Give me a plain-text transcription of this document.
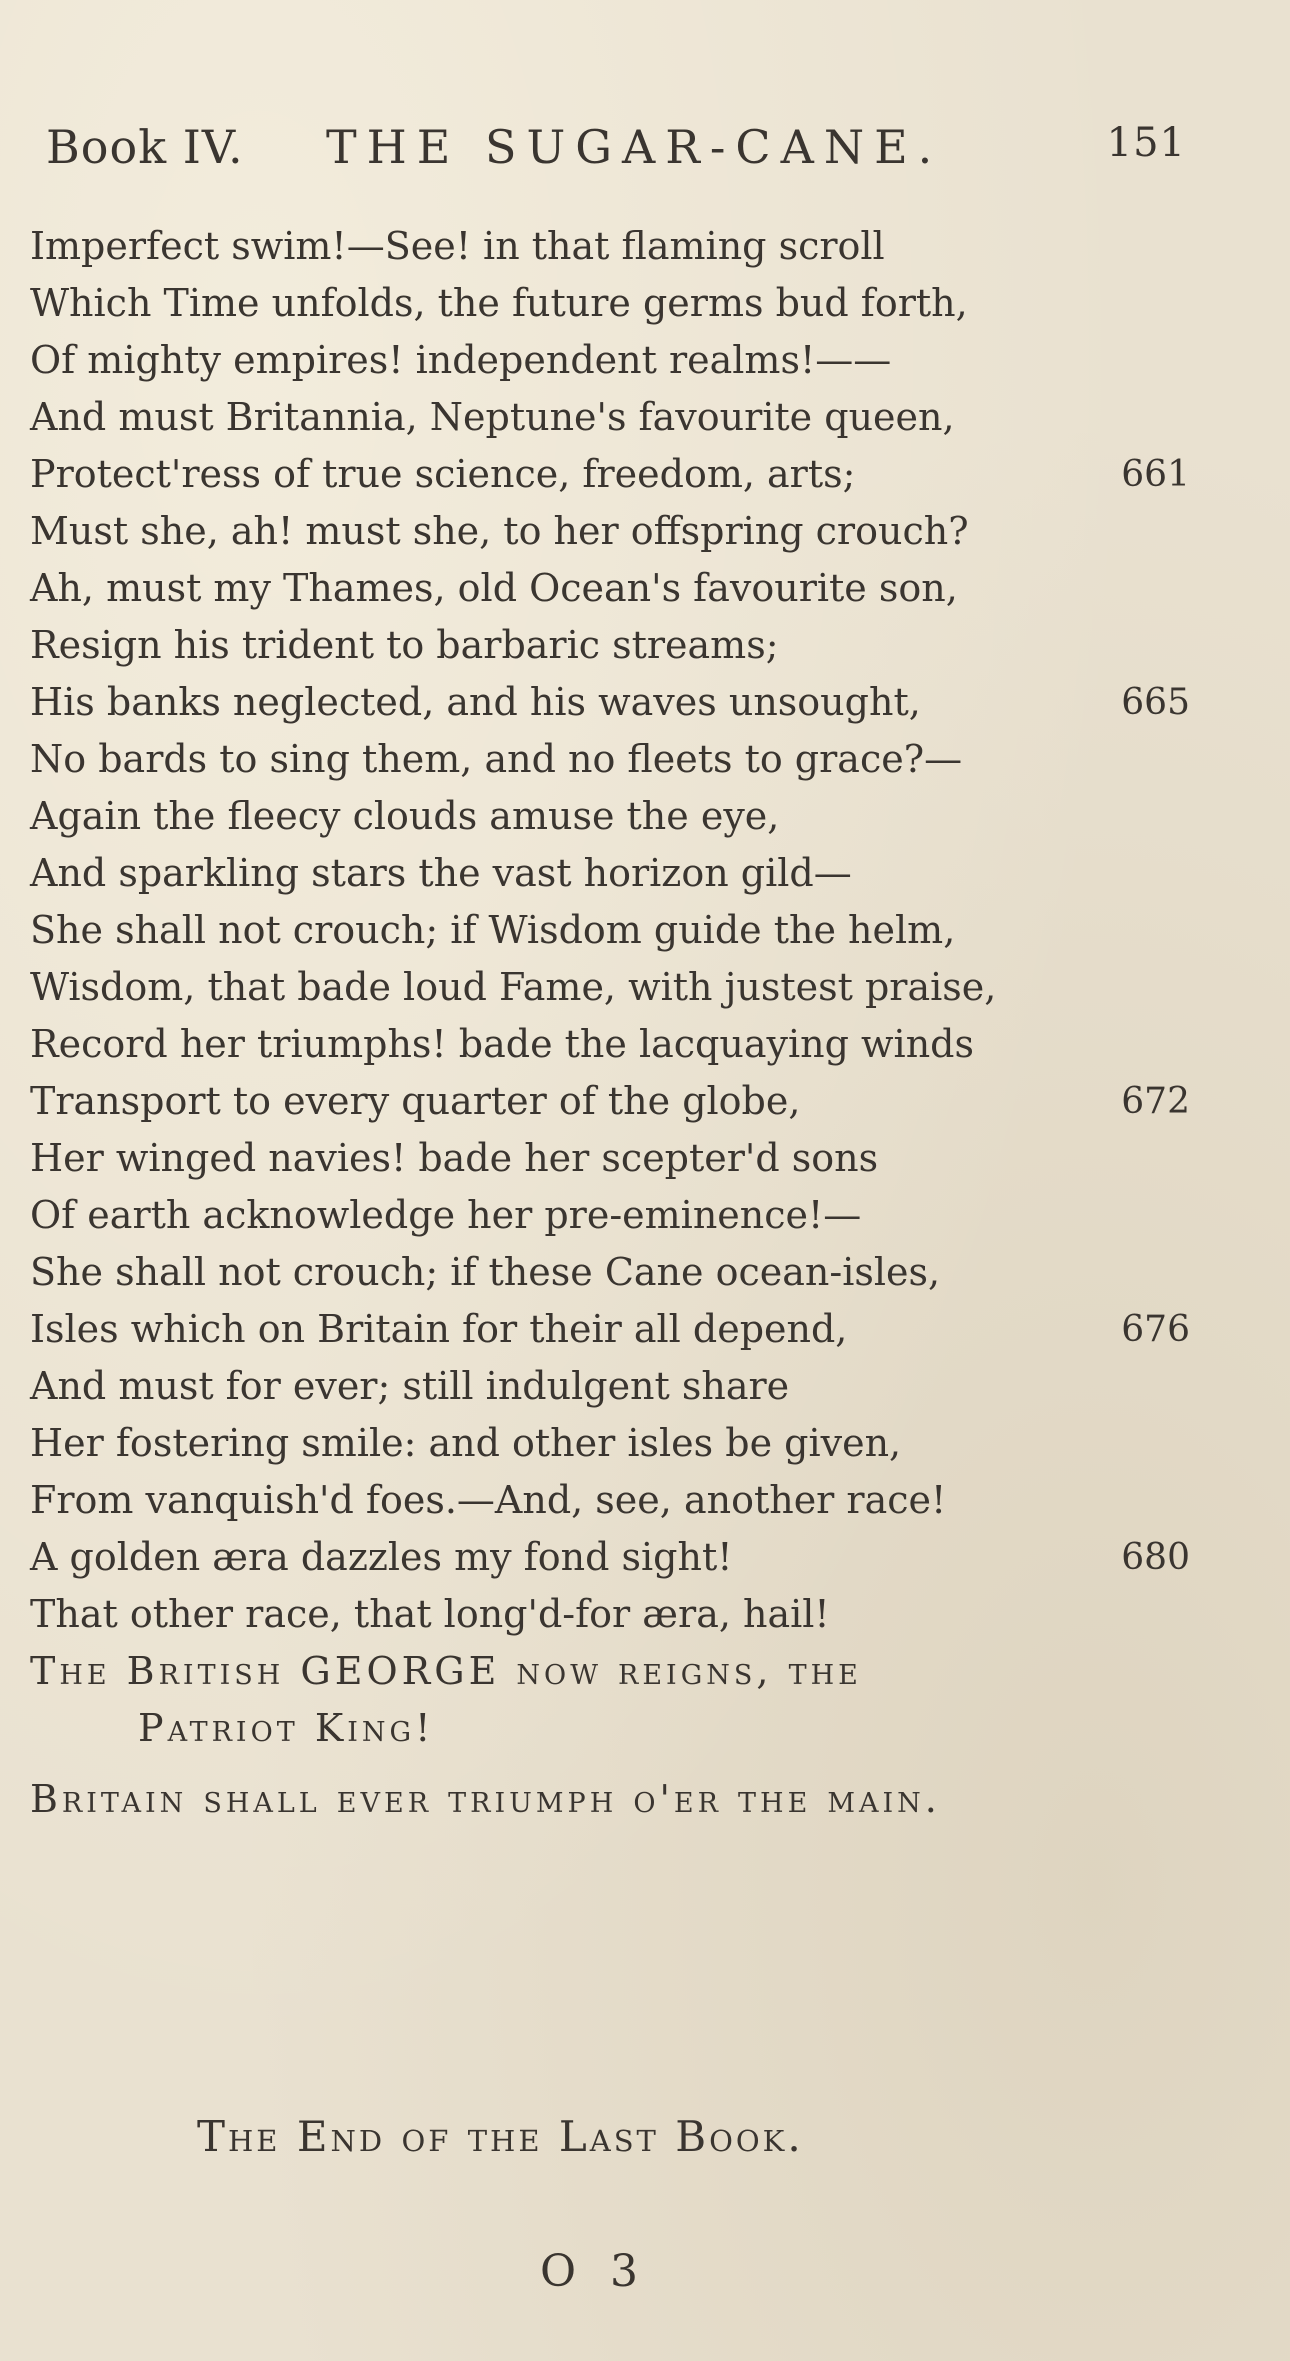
Book IV. THE SUGAR-CANE.	151
Imperfect swim!—See! in that flaming scroll
Which Time unfolds, the future germs bud forth,
Of mighty empires! independent realms!——
And must Britannia, Neptune's favourite queen,
Protect'ress of true science, freedom, arts;	661
Must she, ah! must she, to her offspring crouch?
Ah, must my Thames, old Ocean's favourite son,
Resign his trident to barbaric streams;
His banks neglected, and his waves unsought,	665
No bards to sing them, and no fleets to grace?—
Again the fleecy clouds amuse the eye,
And sparkling stars the vast horizon gild—
She shall not crouch; if Wisdom guide the helm,
Wisdom, that bade loud Fame, with justest praise,
Record her triumphs! bade the lacquaying winds
Transport to every quarter of the globe,	672
Her winged navies! bade her scepter'd sons
Of earth acknowledge her pre-eminence!—
She shall not crouch; if these Cane ocean-isles,
Isles which on Britain for their all depend,	676
And must for ever; still indulgent share
Her fostering smile: and other isles be given,
From vanquish'd foes.—And, see, another race!
A golden æra dazzles my fond sight!	680
That other race, that long'd-for æra, hail!
The British GEORGE now reigns, the
Patriot King!
Britain shall ever triumph o'er the main.
The End of the Last Book.
O 3
